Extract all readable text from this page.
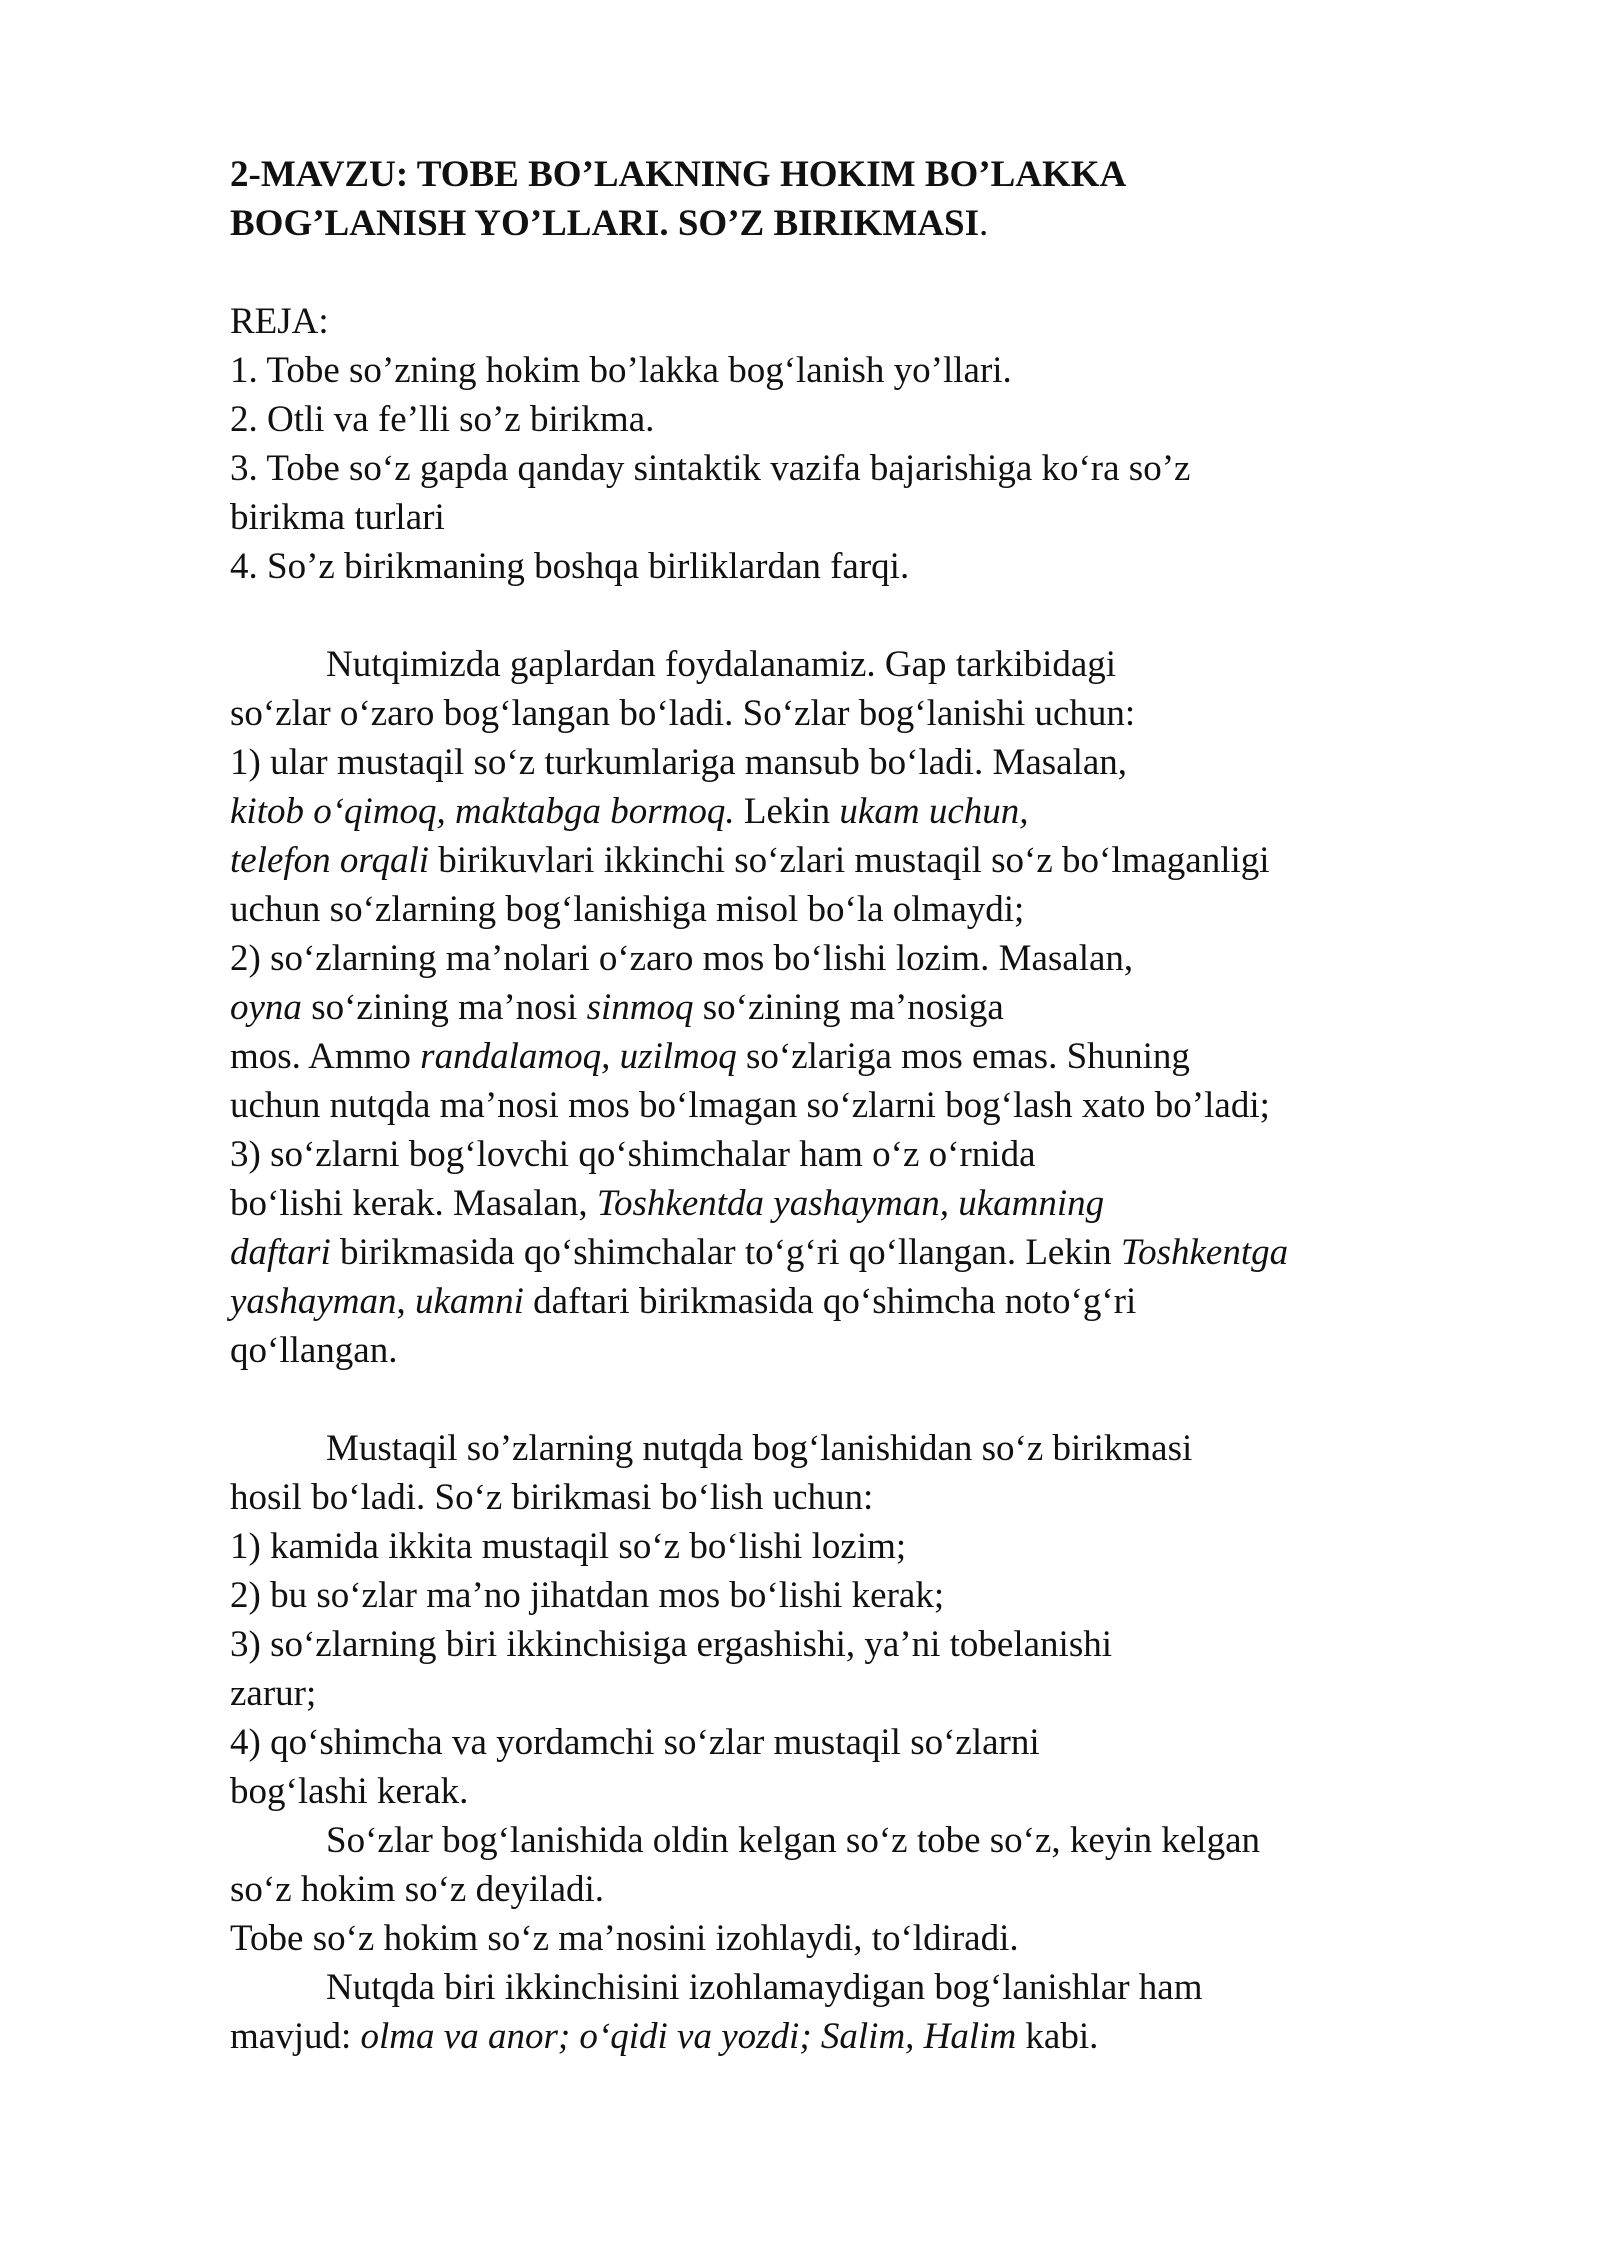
2-MAVZU: TOBE BO’LAKNING HOKIM BO’LAKKA
BOG’LANISH YO’LLARI. SO’Z BIRIKMASI.
REJA:
1. Tobe so’zning hokim bo’lakka bog‘lanish yo’llari.
2. Otli va fe’lli so’z birikma.
3. Tobe so‘z gapda qanday sintaktik vazifa bajarishiga ko‘ra so’z
birikma turlari
4. So’z birikmaning boshqa birliklardan farqi.
Nutqimizda gaplardan foydalanamiz. Gap tarkibidagi
so‘zlar o‘zaro bog‘langan bo‘ladi. So‘zlar bog‘lanishi uchun:
1) ular mustaqil so‘z turkumlariga mansub bo‘ladi. Masalan,
kitob o‘qimoq, maktabga bormoq. Lekin ukam uchun,
telefon orqali birikuvlari ikkinchi so‘zlari mustaqil so‘z bo‘lmaganligi
uchun so‘zlarning bog‘lanishiga misol bo‘la olmaydi;
2) so‘zlarning ma’nolari o‘zaro mos bo‘lishi lozim. Masalan,
oyna so‘zining ma’nosi sinmoq so‘zining ma’nosiga
mos. Ammo randalamoq, uzilmoq so‘zlariga mos emas. Shuning
uchun nutqda ma’nosi mos bo‘lmagan so‘zlarni bog‘lash xato bo’ladi;
3) so‘zlarni bog‘lovchi qo‘shimchalar ham o‘z o‘rnida
bo‘lishi kerak. Masalan, Toshkentda yashayman, ukamning
daftari birikmasida qo‘shimchalar to‘g‘ri qo‘llangan. Lekin Toshkentga
yashayman, ukamni daftari birikmasida qo‘shimcha noto‘g‘ri
qo‘llangan.
Mustaqil so’zlarning nutqda bog‘lanishidan so‘z birikmasi
hosil bo‘ladi. So‘z birikmasi bo‘lish uchun:
1) kamida ikkita mustaqil so‘z bo‘lishi lozim;
2) bu so‘zlar ma’no jihatdan mos bo‘lishi kerak;
3) so‘zlarning biri ikkinchisiga ergashishi, ya’ni tobelanishi
zarur;
4) qo‘shimcha va yordamchi so‘zlar mustaqil so‘zlarni
bog‘lashi kerak.
So‘zlar bog‘lanishida oldin kelgan so‘z tobe so‘z, keyin kelgan
so‘z hokim so‘z deyiladi.
Tobe so‘z hokim so‘z ma’nosini izohlaydi, to‘ldiradi.
Nutqda biri ikkinchisini izohlamaydigan bog‘lanishlar ham
mavjud: olma va anor; o‘qidi va yozdi; Salim, Halim kabi.
